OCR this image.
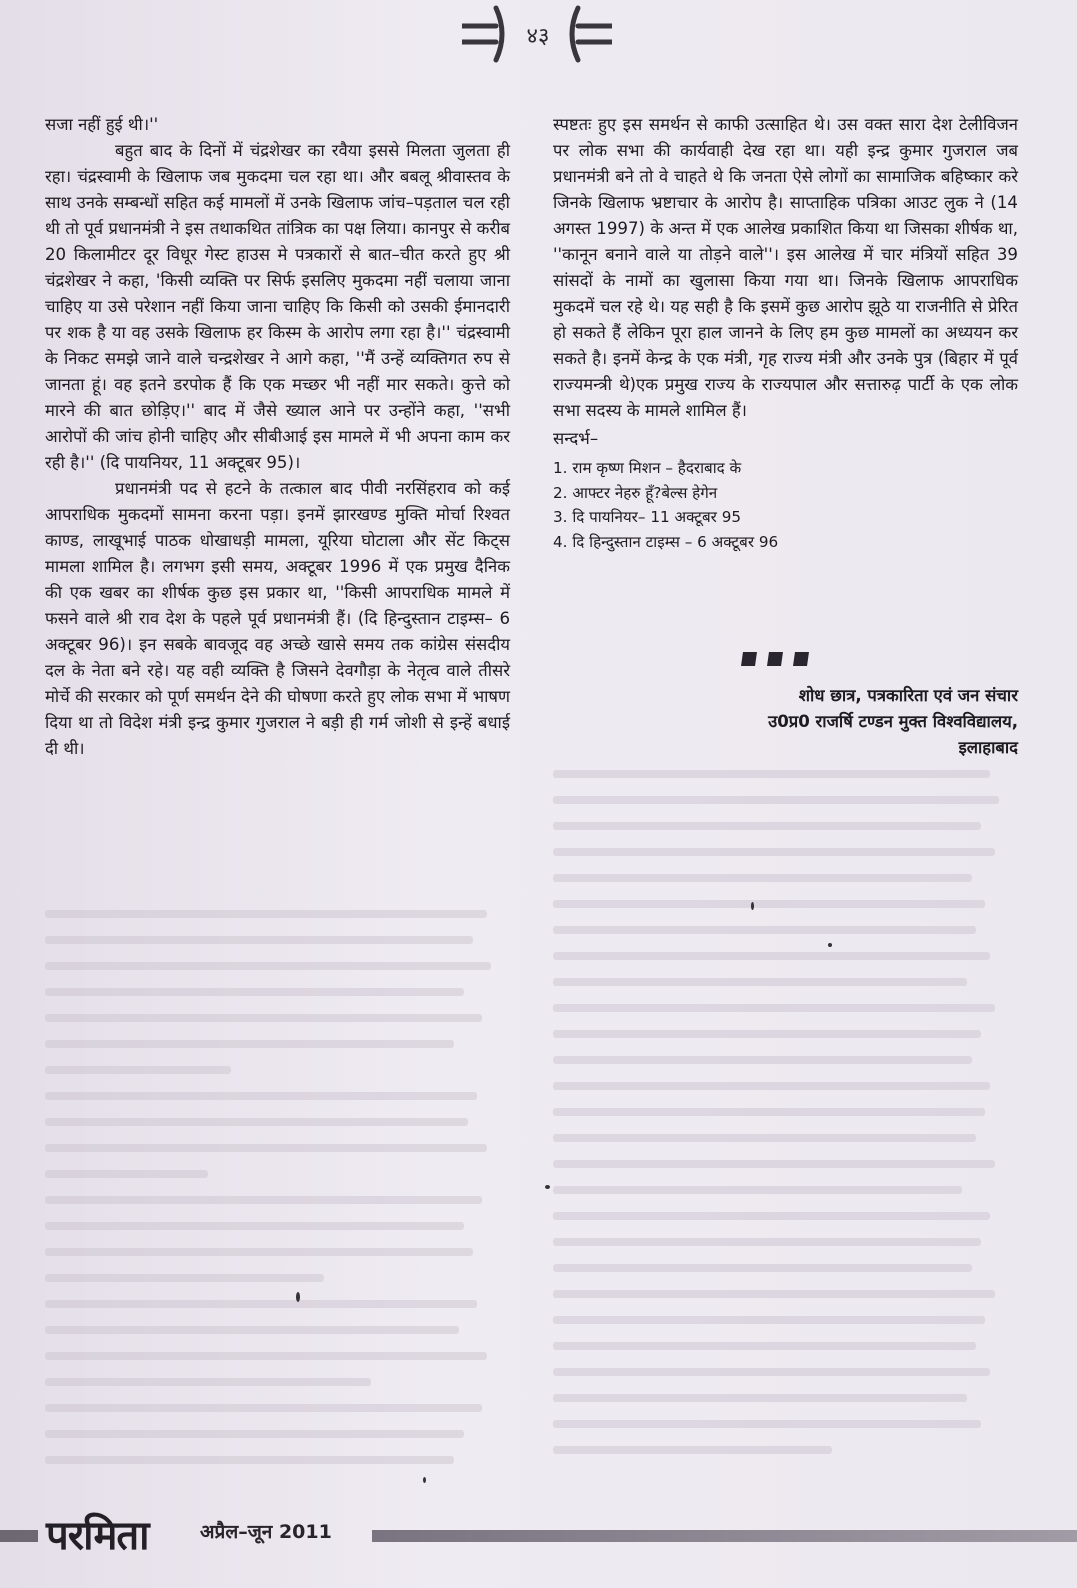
४३

सजा नहीं हुई थी।''

बहुत बाद के दिनों में चंद्रशेखर का रवैया इससे मिलता जुलता ही रहा। चंद्रस्वामी के खिलाफ जब मुकदमा चल रहा था। और बबलू श्रीवास्तव के साथ उनके सम्बन्धों सहित कई मामलों में उनके खिलाफ जांच–पड़ताल चल रही थी तो पूर्व प्रधानमंत्री ने इस तथाकथित तांत्रिक का पक्ष लिया। कानपुर से करीब 20 किलामीटर दूर विधूर गेस्ट हाउस मे पत्रकारों से बात–चीत करते हुए श्री चंद्रशेखर ने कहा, 'किसी व्यक्ति पर सिर्फ इसलिए मुकदमा नहीं चलाया जाना चाहिए या उसे परेशान नहीं किया जाना चाहिए कि किसी को उसकी ईमानदारी पर शक है या वह उसके खिलाफ हर किस्म के आरोप लगा रहा है।'' चंद्रस्वामी के निकट समझे जाने वाले चन्द्रशेखर ने आगे कहा, ''मैं उन्हें व्यक्तिगत रुप से जानता हूं। वह इतने डरपोक हैं कि एक मच्छर भी नहीं मार सकते। कुत्ते को मारने की बात छोड़िए।'' बाद में जैसे ख्याल आने पर उन्होंने कहा, ''सभी आरोपों की जांच होनी चाहिए और सीबीआई इस मामले में भी अपना काम कर रही है।'' (दि पायनियर, 11 अक्टूबर 95)।

प्रधानमंत्री पद से हटने के तत्काल बाद पीवी नरसिंहराव को कई आपराधिक मुकदमों सामना करना पड़ा। इनमें झारखण्ड मुक्ति मोर्चा रिश्वत काण्ड, लाखूभाई पाठक धोखाधड़ी मामला, यूरिया घोटाला और सेंट किट्स मामला शामिल है। लगभग इसी समय, अक्टूबर 1996 में एक प्रमुख दैनिक की एक खबर का शीर्षक कुछ इस प्रकार था, ''किसी आपराधिक मामले में फसने वाले श्री राव देश के पहले पूर्व प्रधानमंत्री हैं। (दि हिन्दुस्तान टाइम्स– 6 अक्टूबर 96)। इन सबके बावजूद वह अच्छे खासे समय तक कांग्रेस संसदीय दल के नेता बने रहे। यह वही व्यक्ति है जिसने देवगौड़ा के नेतृत्व वाले तीसरे मोर्चे की सरकार को पूर्ण समर्थन देने की घोषणा करते हुए लोक सभा में भाषण दिया था तो विदेश मंत्री इन्द्र कुमार गुजराल ने बड़ी ही गर्म जोशी से इन्हें बधाई दी थी।

स्पष्टतः हुए इस समर्थन से काफी उत्साहित थे। उस वक्त सारा देश टेलीविजन पर लोक सभा की कार्यवाही देख रहा था। यही इन्द्र कुमार गुजराल जब प्रधानमंत्री बने तो वे चाहते थे कि जनता ऐसे लोगों का सामाजिक बहिष्कार करे जिनके खिलाफ भ्रष्टाचार के आरोप है। साप्ताहिक पत्रिका आउट लुक ने (14 अगस्त 1997) के अन्त में एक आलेख प्रकाशित किया था जिसका शीर्षक था, ''कानून बनाने वाले या तोड़ने वाले''। इस आलेख में चार मंत्रियों सहित 39 सांसदों के नामों का खुलासा किया गया था। जिनके खिलाफ आपराधिक मुकदमें चल रहे थे। यह सही है कि इसमें कुछ आरोप झूठे या राजनीति से प्रेरित हो सकते हैं लेकिन पूरा हाल जानने के लिए हम कुछ मामलों का अध्ययन कर सकते है। इनमें केन्द्र के एक मंत्री, गृह राज्य मंत्री और उनके पुत्र (बिहार में पूर्व राज्यमन्त्री थे)एक प्रमुख राज्य के राज्यपाल और सत्तारुढ़ पार्टी के एक लोक सभा सदस्य के मामले शामिल हैं।

सन्दर्भ–

1. राम कृष्ण मिशन – हैदराबाद के
2. आफ्टर नेहरु हूँ?बेल्स हेगेन
3. दि पायनियर– 11 अक्टूबर 95
4. दि हिन्दुस्तान टाइम्स – 6 अक्टूबर 96
शोध छात्र, पत्रकारिता एवं जन संचार
उ0प्र0 राजर्षि टण्डन मुक्त विश्वविद्यालय,
इलाहाबाद
परमिता	अप्रैल–जून 2011
